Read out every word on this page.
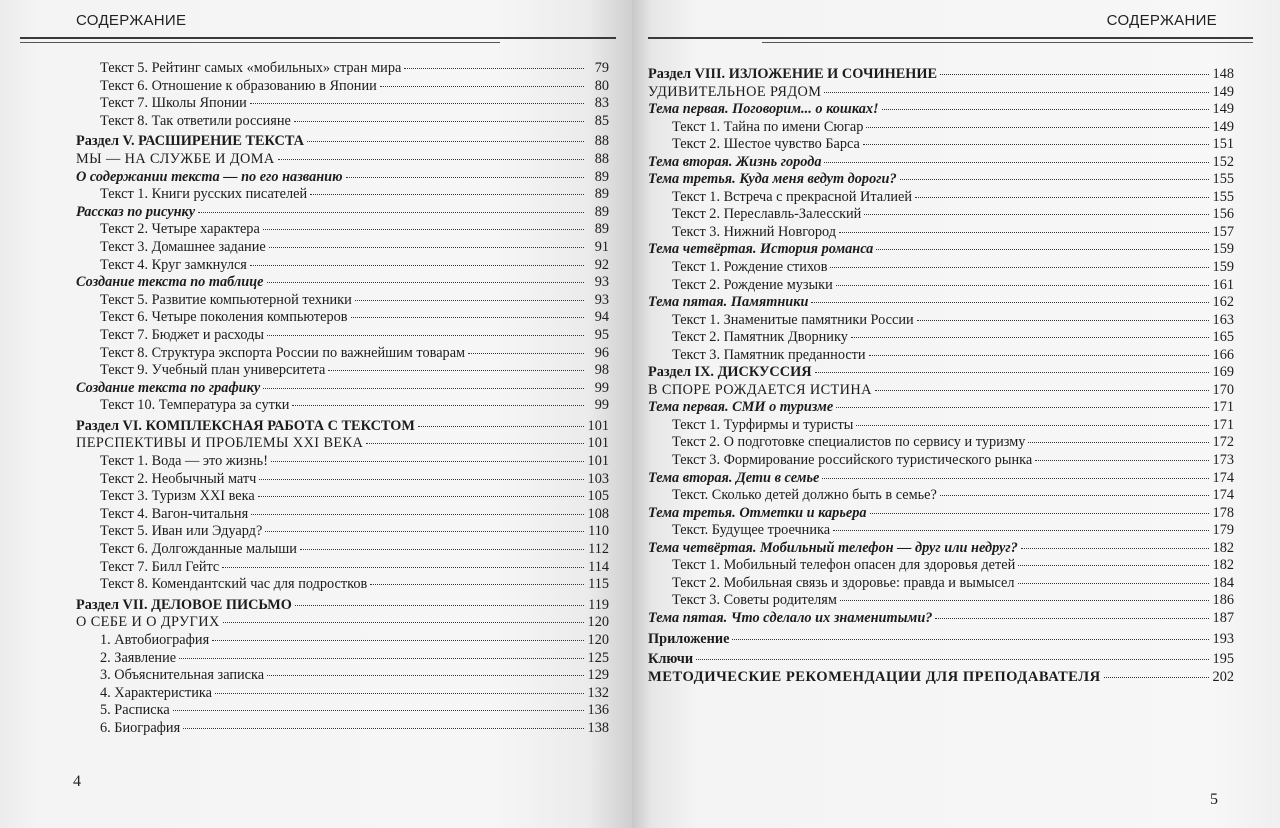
СОДЕРЖАНИЕ
Текст 5. Рейтинг самых «мобильных» стран мира	79
Текст 6. Отношение к образованию в Японии	80
Текст 7. Школы Японии	83
Текст 8. Так ответили россияне	85
Раздел V. РАСШИРЕНИЕ ТЕКСТА	88
МЫ — НА СЛУЖБЕ И ДОМА	88
О содержании текста — по его названию	89
Текст 1. Книги русских писателей	89
Рассказ по рисунку	89
Текст 2. Четыре характера	89
Текст 3. Домашнее задание	91
Текст 4. Круг замкнулся	92
Создание текста по таблице	93
Текст 5. Развитие компьютерной техники	93
Текст 6. Четыре поколения компьютеров	94
Текст 7. Бюджет и расходы	95
Текст 8. Структура экспорта России по важнейшим товарам	96
Текст 9. Учебный план университета	98
Создание текста по графику	99
Текст 10. Температура за сутки	99
Раздел VI. КОМПЛЕКСНАЯ РАБОТА С ТЕКСТОМ	101
ПЕРСПЕКТИВЫ И ПРОБЛЕМЫ XXI ВЕКА	101
Текст 1. Вода — это жизнь!	101
Текст 2. Необычный матч	103
Текст 3. Туризм XXI века	105
Текст 4. Вагон-читальня	108
Текст 5. Иван или Эдуард?	110
Текст 6. Долгожданные малыши	112
Текст 7. Билл Гейтс	114
Текст 8. Комендантский час для подростков	115
Раздел VII. ДЕЛОВОЕ ПИСЬМО	119
О СЕБЕ И О ДРУГИХ	120
1. Автобиография	120
2. Заявление	125
3. Объяснительная записка	129
4. Характеристика	132
5. Расписка	136
6. Биография	138
4
СОДЕРЖАНИЕ
Раздел VIII. ИЗЛОЖЕНИЕ И СОЧИНЕНИЕ	148
УДИВИТЕЛЬНОЕ РЯДОМ	149
Тема первая. Поговорим... о кошках!	149
Текст 1. Тайна по имени Сюгар	149
Текст 2. Шестое чувство Барса	151
Тема вторая. Жизнь города	152
Тема третья. Куда меня ведут дороги?	155
Текст 1. Встреча с прекрасной Италией	155
Текст 2. Переславль-Залесский	156
Текст 3. Нижний Новгород	157
Тема четвёртая. История романса	159
Текст 1. Рождение стихов	159
Текст 2. Рождение музыки	161
Тема пятая. Памятники	162
Текст 1. Знаменитые памятники России	163
Текст 2. Памятник Дворнику	165
Текст 3. Памятник преданности	166
Раздел IX. ДИСКУССИЯ	169
В СПОРЕ РОЖДАЕТСЯ ИСТИНА	170
Тема первая. СМИ о туризме	171
Текст 1. Турфирмы и туристы	171
Текст 2. О подготовке специалистов по сервису и туризму	172
Текст 3. Формирование российского туристического рынка	173
Тема вторая. Дети в семье	174
Текст. Сколько детей должно быть в семье?	174
Тема третья. Отметки и карьера	178
Текст. Будущее троечника	179
Тема четвёртая. Мобильный телефон — друг или недруг?	182
Текст 1. Мобильный телефон опасен для здоровья детей	182
Текст 2. Мобильная связь и здоровье: правда и вымысел	184
Текст 3. Советы родителям	186
Тема пятая. Что сделало их знаменитыми?	187
Приложение	193
Ключи	195
МЕТОДИЧЕСКИЕ РЕКОМЕНДАЦИИ ДЛЯ ПРЕПОДАВАТЕЛЯ	202
5
